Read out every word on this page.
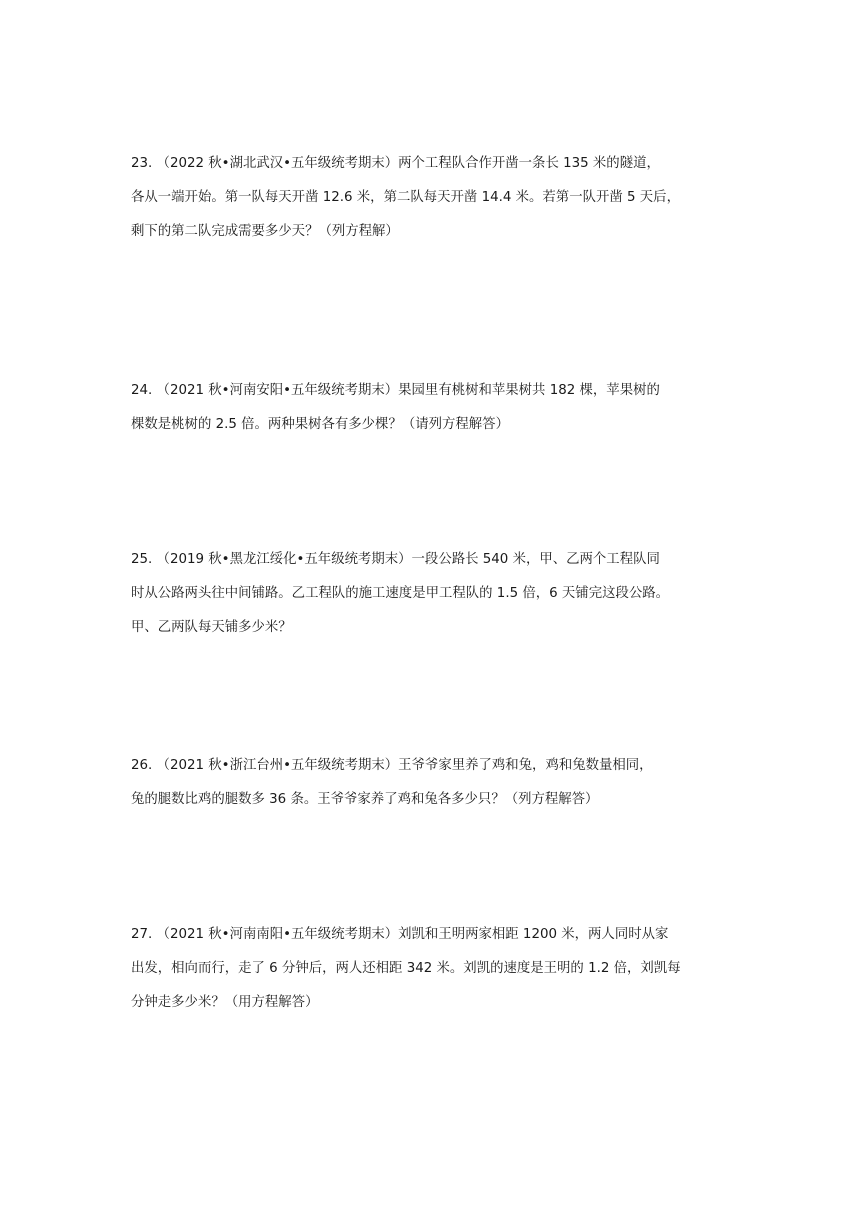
23. （2022 秋•湖北武汉•五年级统考期末）两个工程队合作开凿一条长 135 米的隧道，
各从一端开始。第一队每天开凿 12.6 米，第二队每天开凿 14.4 米。若第一队开凿 5 天后，
剩下的第二队完成需要多少天？（列方程解）
24. （2021 秋•河南安阳•五年级统考期末）果园里有桃树和苹果树共 182 棵，苹果树的
棵数是桃树的 2.5 倍。两种果树各有多少棵？（请列方程解答）
25. （2019 秋•黑龙江绥化•五年级统考期末）一段公路长 540 米，甲、乙两个工程队同
时从公路两头往中间铺路。乙工程队的施工速度是甲工程队的 1.5 倍，6 天铺完这段公路。
甲、乙两队每天铺多少米？
26. （2021 秋•浙江台州•五年级统考期末）王爷爷家里养了鸡和兔，鸡和兔数量相同，
兔的腿数比鸡的腿数多 36 条。王爷爷家养了鸡和兔各多少只？（列方程解答）
27. （2021 秋•河南南阳•五年级统考期末）刘凯和王明两家相距 1200 米，两人同时从家
出发，相向而行，走了 6 分钟后，两人还相距 342 米。刘凯的速度是王明的 1.2 倍，刘凯每
分钟走多少米？（用方程解答）
